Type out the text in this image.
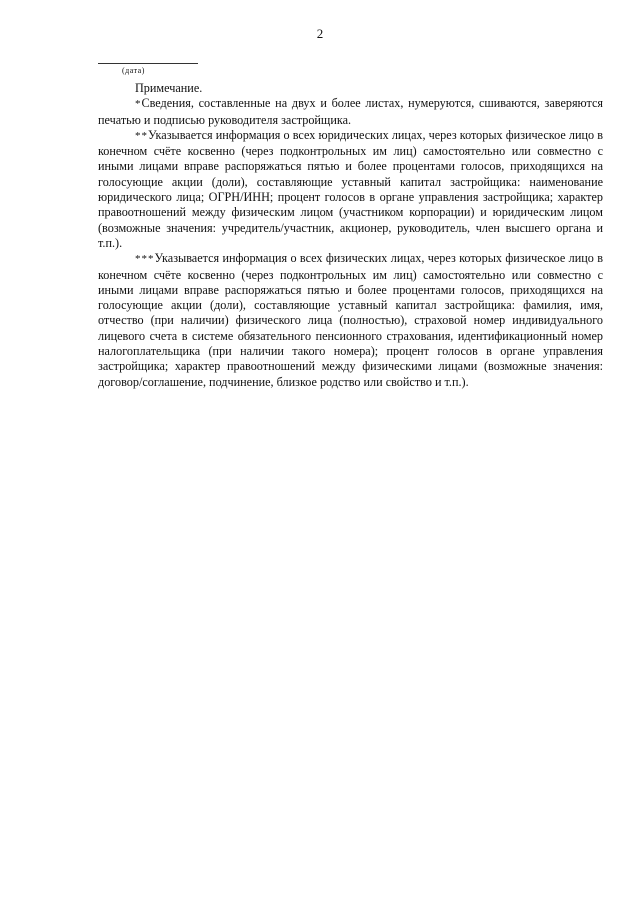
2
(дата)

Примечание.

*Сведения, составленные на двух и более листах, нумеруются, сшиваются, заверяются печатью и подписью руководителя застройщика.

**Указывается информация о всех юридических лицах, через которых физическое лицо в конечном счёте косвенно (через подконтрольных им лиц) самостоятельно или совместно с иными лицами вправе распоряжаться пятью и более процентами голосов, приходящихся на голосующие акции (доли), составляющие уставный капитал застройщика: наименование юридического лица; ОГРН/ИНН; процент голосов в органе управления застройщика; характер правоотношений между физическим лицом (участником корпорации) и юридическим лицом (возможные значения: учредитель/участник, акционер, руководитель, член высшего органа и т.п.).

***Указывается информация о всех физических лицах, через которых физическое лицо в конечном счёте косвенно (через подконтрольных им лиц) самостоятельно или совместно с иными лицами вправе распоряжаться пятью и более процентами голосов, приходящихся на голосующие акции (доли), составляющие уставный капитал застройщика: фамилия, имя, отчество (при наличии) физического лица (полностью), страховой номер индивидуального лицевого счета в системе обязательного пенсионного страхования, идентификационный номер налогоплательщика (при наличии такого номера); процент голосов в органе управления застройщика; характер правоотношений между физическими лицами (возможные значения: договор/соглашение, подчинение, близкое родство или свойство и т.п.).
